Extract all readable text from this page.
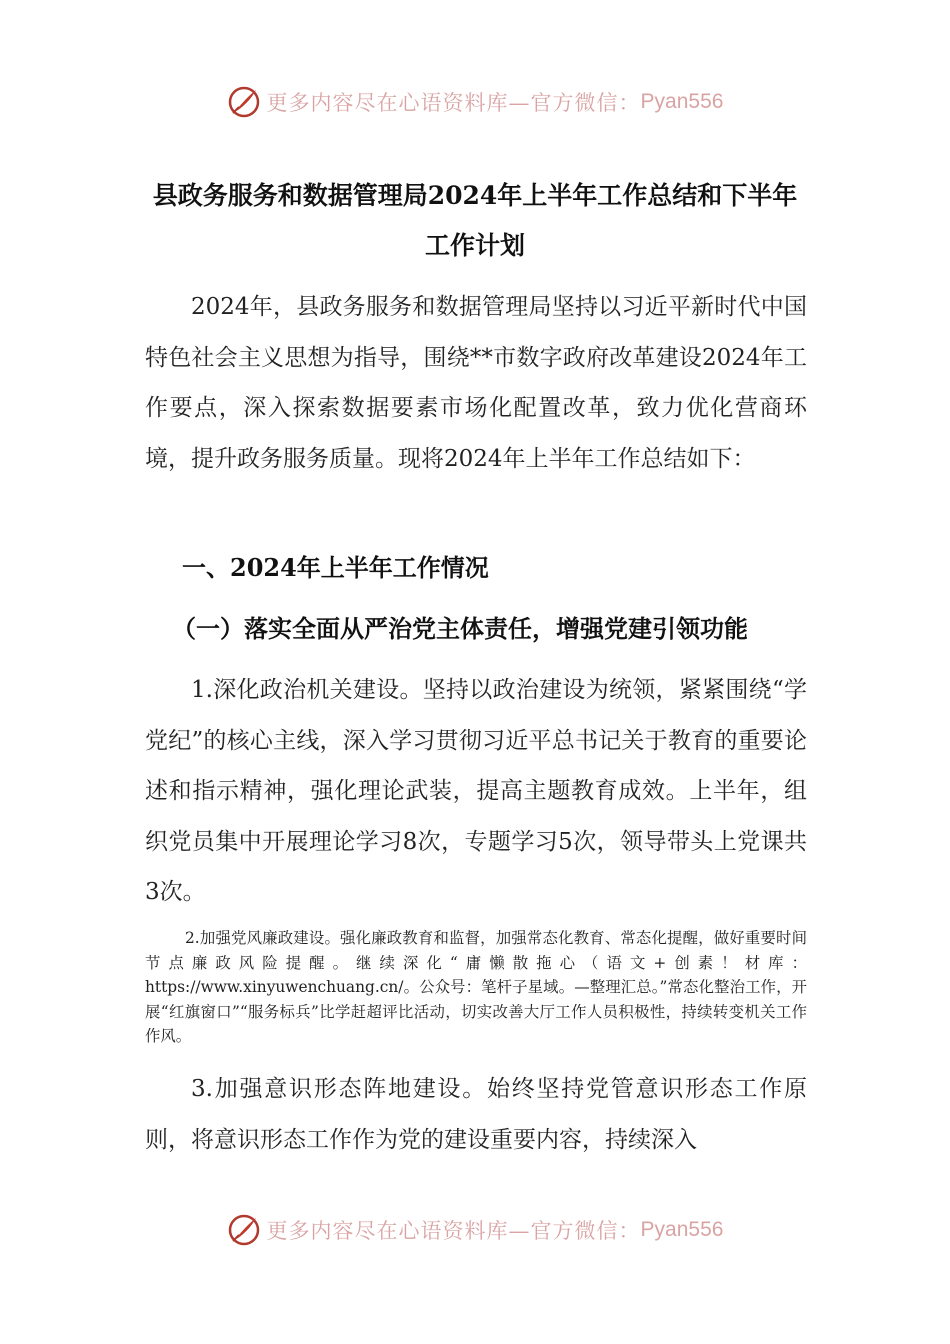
更多内容尽在心语资料库—官方微信： Pyan556
县政务服务和数据管理局2024年上半年工作总结和下半年
工作计划

2024年，县政务服务和数据管理局坚持以习近平新时代中国特色社会主义思想为指导，围绕**市数字政府改革建设2024年工作要点，深入探索数据要素市场化配置改革，致力优化营商环境，提升政务服务质量。现将2024年上半年工作总结如下：

一、2024年上半年工作情况
（一）落实全面从严治党主体责任，增强党建引领功能

1.深化政治机关建设。坚持以政治建设为统领，紧紧围绕“学党纪”的核心主线，深入学习贯彻习近平总书记关于教育的重要论述和指示精神，强化理论武装，提高主题教育成效。上半年，组织党员集中开展理论学习8次，专题学习5次，领导带头上党课共3次。

2.加强党风廉政建设。强化廉政教育和监督，加强常态化教育、常态化提醒，做好重要时间节点廉政风险提醒。继续深化“庸懒散拖心（语文+创素！材库：https://www.xinyuwenchuang.cn/。公众号：笔杆子星域。—整理汇总。”常态化整治工作，开展“红旗窗口”“服务标兵”比学赶超评比活动，切实改善大厅工作人员积极性，持续转变机关工作作风。

3.加强意识形态阵地建设。始终坚持党管意识形态工作原则，将意识形态工作作为党的建设重要内容，持续深入

更多内容尽在心语资料库—官方微信： Pyan556
